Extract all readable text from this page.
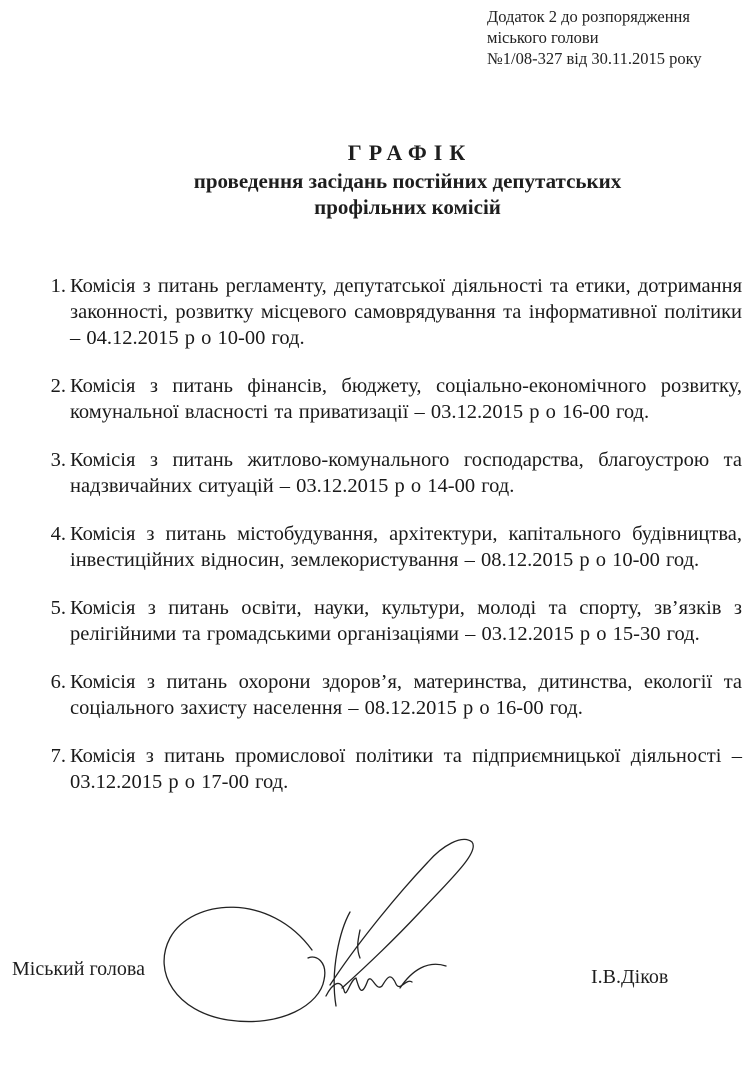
Додаток 2 до розпорядження
міського голови
№1/08-327 від 30.11.2015 року
ГРАФІК
проведення засідань постійних депутатських
профільних комісій
1. Комісія з питань регламенту, депутатської діяльності та етики, дотримання законності, розвитку місцевого самоврядування та інформативної політики – 04.12.2015 р о 10-00 год.
2. Комісія з питань фінансів, бюджету, соціально-економічного розвитку, комунальної власності та приватизації – 03.12.2015 р о 16-00 год.
3. Комісія з питань житлово-комунального господарства, благоустрою та надзвичайних ситуацій – 03.12.2015 р о 14-00 год.
4. Комісія з питань містобудування, архітектури, капітального будівництва, інвестиційних відносин, землекористування – 08.12.2015 р о 10-00 год.
5. Комісія з питань освіти, науки, культури, молоді та спорту, зв’язків з релігійними та громадськими організаціями – 03.12.2015 р о 15-30 год.
6. Комісія з питань охорони здоров’я, материнства, дитинства, екології та соціального захисту населення – 08.12.2015 р о 16-00 год.
7. Комісія з питань промислової політики та підприємницької діяльності – 03.12.2015 р о 17-00 год.
Міський голова	І.В.Діков
